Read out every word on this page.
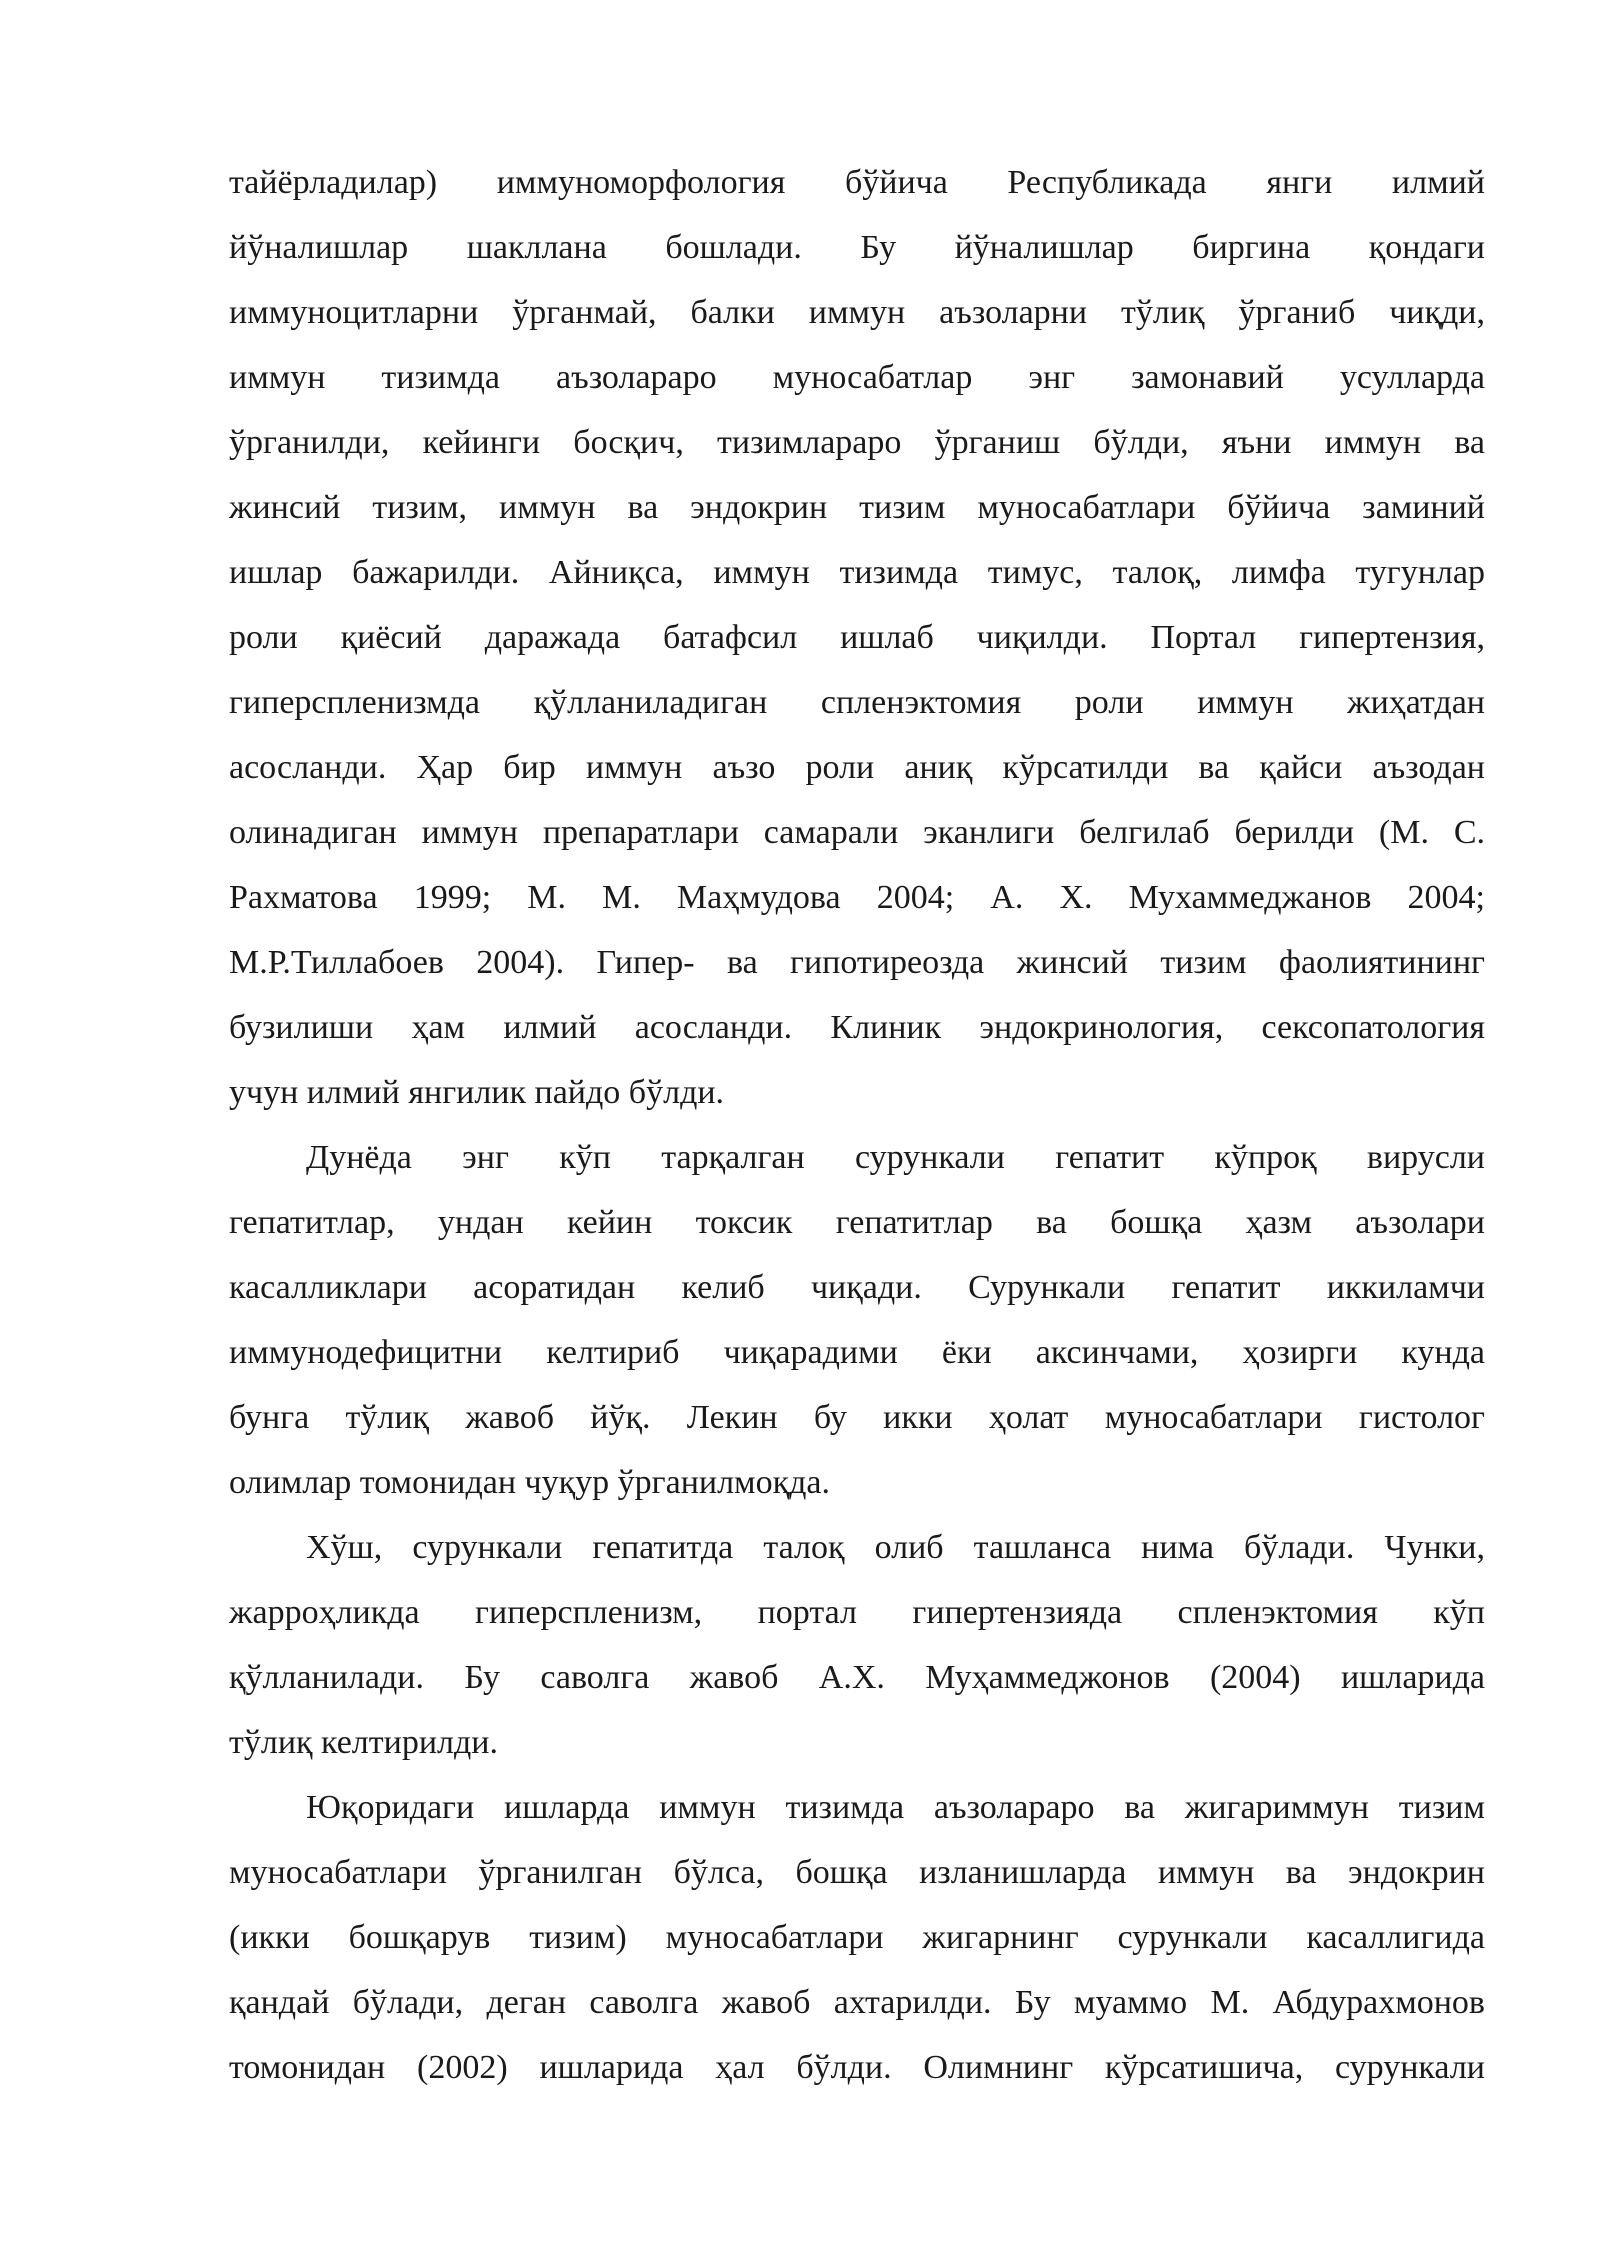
тайёрладилар) иммуноморфология бўйича Республикада янги илмий
йўналишлар шакллана бошлади. Бу йўналишлар биргина қондаги
иммуноцитларни ўрганмай, балки иммун аъзоларни тўлиқ ўрганиб чиқди,
иммун тизимда аъзолараро муносабатлар энг замонавий усулларда
ўрганилди, кейинги босқич, тизимлараро ўрганиш бўлди, яъни иммун ва
жинсий тизим, иммун ва эндокрин тизим муносабатлари бўйича заминий
ишлар бажарилди. Айниқса, иммун тизимда тимус, талоқ, лимфа тугунлар
роли қиёсий даражада батафсил ишлаб чиқилди. Портал гипертензия,
гиперспленизмда қўлланиладиган спленэктомия роли иммун жиҳатдан
асосланди. Ҳар бир иммун аъзо роли аниқ кўрсатилди ва қайси аъзодан
олинадиган иммун препаратлари самарали эканлиги белгилаб берилди (М. С.
Рахматова 1999; М. М. Маҳмудова 2004; А. Х. Мухаммеджанов 2004;
М.Р.Тиллабоев 2004). Гипер- ва гипотиреозда жинсий тизим фаолиятининг
бузилиши ҳам илмий асосланди. Клиник эндокринология, сексопатология
учун илмий янгилик пайдо бўлди.
Дунёда энг кўп тарқалган сурункали гепатит кўпроқ вирусли
гепатитлар, ундан кейин токсик гепатитлар ва бошқа ҳазм аъзолари
касалликлари асоратидан келиб чиқади. Сурункали гепатит иккиламчи
иммунодефицитни келтириб чиқарадими ёки аксинчами, ҳозирги кунда
бунга тўлиқ жавоб йўқ. Лекин бу икки ҳолат муносабатлари гистолог
олимлар томонидан чуқур ўрганилмоқда.
Хўш, сурункали гепатитда талоқ олиб ташланса нима бўлади. Чунки,
жарроҳликда гиперспленизм, портал гипертензияда спленэктомия кўп
қўлланилади. Бу саволга жавоб А.Х. Муҳаммеджонов (2004) ишларида
тўлиқ келтирилди.
Юқоридаги ишларда иммун тизимда аъзолараро ва жигариммун тизим
муносабатлари ўрганилган бўлса, бошқа изланишларда иммун ва эндокрин
(икки бошқарув тизим) муносабатлари жигарнинг сурункали касаллигида
қандай бўлади, деган саволга жавоб ахтарилди. Бу муаммо М. Абдурахмонов
томонидан (2002) ишларида ҳал бўлди. Олимнинг кўрсатишича, сурункали
